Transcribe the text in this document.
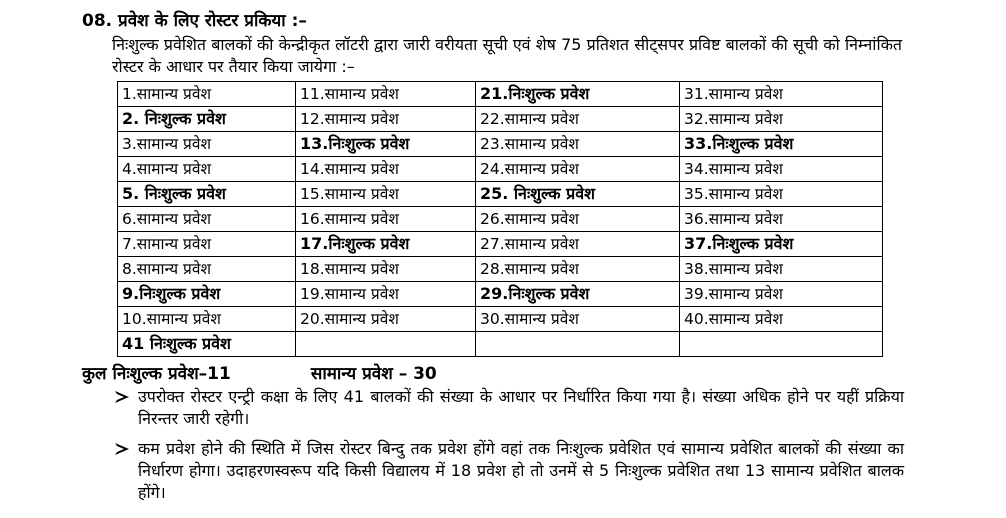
08. प्रवेश के लिए रोस्टर प्रकिया :–
निःशुल्क प्रवेशित बालकों की केन्द्रीकृत लॉटरी द्वारा जारी वरीयता सूची एवं शेष 75 प्रतिशत सीट्सपर प्रविष्ट बालकों की सूची को निम्नांकित रोस्टर के आधार पर तैयार किया जायेगा :–
1.सामान्य प्रवेश	11.सामान्य प्रवेश	21.निःशुल्क प्रवेश	31.सामान्य प्रवेश
2. निःशुल्क प्रवेश	12.सामान्य प्रवेश	22.सामान्य प्रवेश	32.सामान्य प्रवेश
3.सामान्य प्रवेश	13.निःशुल्क प्रवेश	23.सामान्य प्रवेश	33.निःशुल्क प्रवेश
4.सामान्य प्रवेश	14.सामान्य प्रवेश	24.सामान्य प्रवेश	34.सामान्य प्रवेश
5. निःशुल्क प्रवेश	15.सामान्य प्रवेश	25. निःशुल्क प्रवेश	35.सामान्य प्रवेश
6.सामान्य प्रवेश	16.सामान्य प्रवेश	26.सामान्य प्रवेश	36.सामान्य प्रवेश
7.सामान्य प्रवेश	17.निःशुल्क प्रवेश	27.सामान्य प्रवेश	37.निःशुल्क प्रवेश
8.सामान्य प्रवेश	18.सामान्य प्रवेश	28.सामान्य प्रवेश	38.सामान्य प्रवेश
9.निःशुल्क प्रवेश	19.सामान्य प्रवेश	29.निःशुल्क प्रवेश	39.सामान्य प्रवेश
10.सामान्य प्रवेश	20.सामान्य प्रवेश	30.सामान्य प्रवेश	40.सामान्य प्रवेश
41 निःशुल्क प्रवेश			
कुल निःशुल्क प्रवेश–11	सामान्य प्रवेश – 30
उपरोक्त रोस्टर एन्ट्री कक्षा के लिए 41 बालकों की संख्या के आधार पर निर्धारित किया गया है। संख्या अधिक होने पर यहीं प्रक्रिया निरन्तर जारी रहेगी।
कम प्रवेश होने की स्थिति में जिस रोस्टर बिन्दु तक प्रवेश होंगे वहां तक निःशुल्क प्रवेशित एवं सामान्य प्रवेशित बालकों की संख्या का निर्धारण होगा। उदाहरणस्वरूप यदि किसी विद्यालय में 18 प्रवेश हो तो उनमें से 5 निःशुल्क प्रवेशित तथा 13 सामान्य प्रवेशित बालक होंगे।
